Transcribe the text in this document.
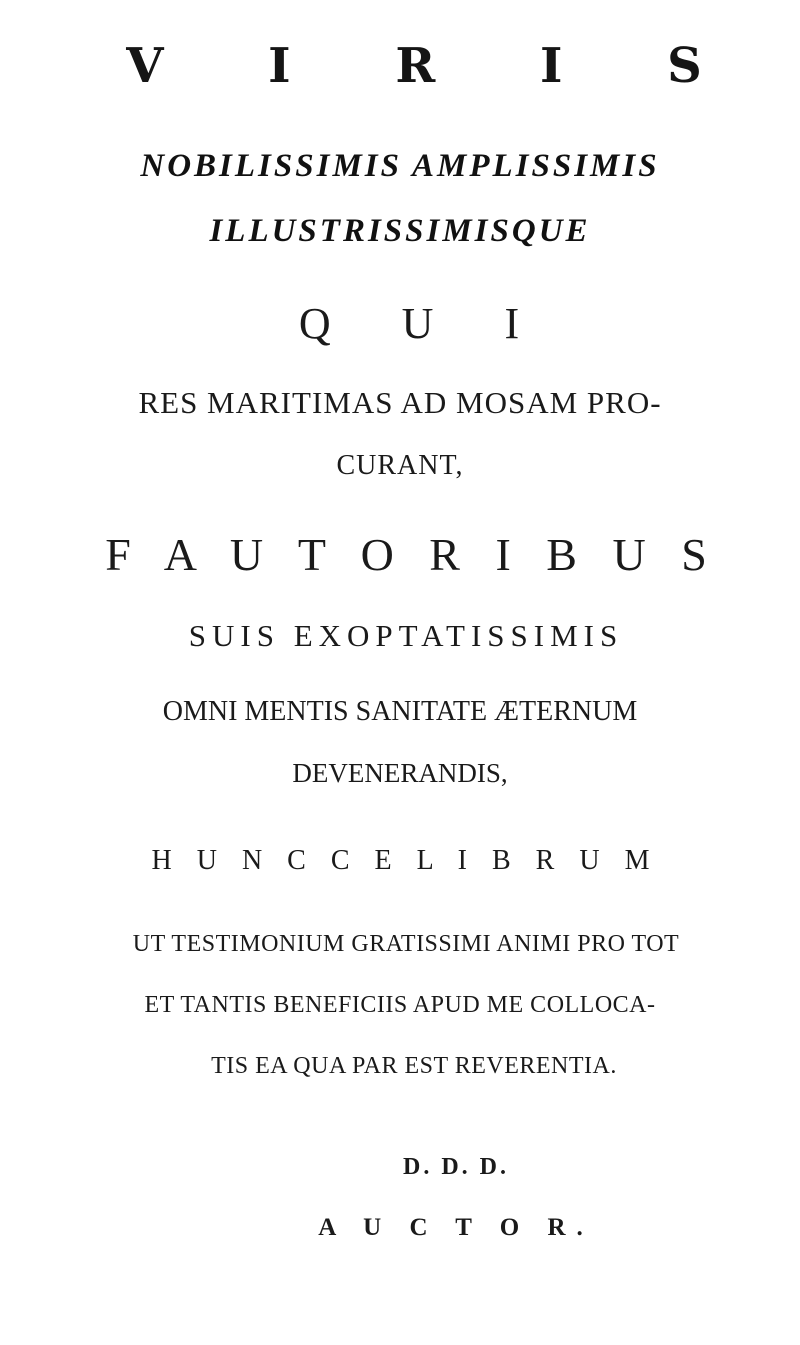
V I R I S
NOBILISSIMIS AMPLISSIMIS
ILLUSTRISSIMISQUE
Q U I
RES MARITIMAS AD MOSAM PRO-
CURANT,
F A U T O R I B U S
SUIS EXOPTATISSIMIS
OMNI MENTIS SANITATE ÆTERNUM
DEVENERANDIS,
H U N C C E L I B R U M
UT TESTIMONIUM GRATISSIMI ANIMI PRO TOT
ET TANTIS BENEFICIIS APUD ME COLLOCA-
TIS EA QUA PAR EST REVERENTIA.
D. D. D.
A U C T O R.
